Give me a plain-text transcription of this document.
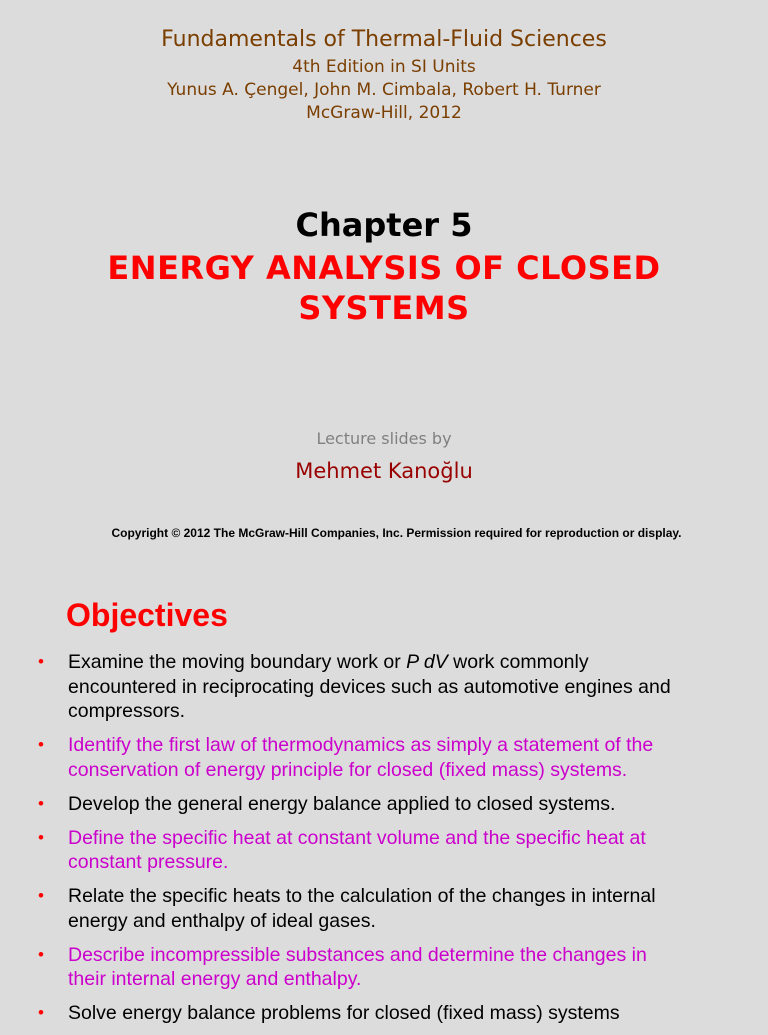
Fundamentals of Thermal-Fluid Sciences
4th Edition in SI Units
Yunus A. Çengel, John M. Cimbala, Robert H. Turner
McGraw-Hill, 2012
Chapter 5
ENERGY ANALYSIS OF CLOSED SYSTEMS
Lecture slides by
Mehmet Kanoğlu
Copyright © 2012 The McGraw-Hill Companies, Inc. Permission required for reproduction or display.
Objectives
• Examine the moving boundary work or P dV work commonly encountered in reciprocating devices such as automotive engines and compressors.
• Identify the first law of thermodynamics as simply a statement of the conservation of energy principle for closed (fixed mass) systems.
• Develop the general energy balance applied to closed systems.
• Define the specific heat at constant volume and the specific heat at constant pressure.
• Relate the specific heats to the calculation of the changes in internal energy and enthalpy of ideal gases.
• Describe incompressible substances and determine the changes in their internal energy and enthalpy.
• Solve energy balance problems for closed (fixed mass) systems
